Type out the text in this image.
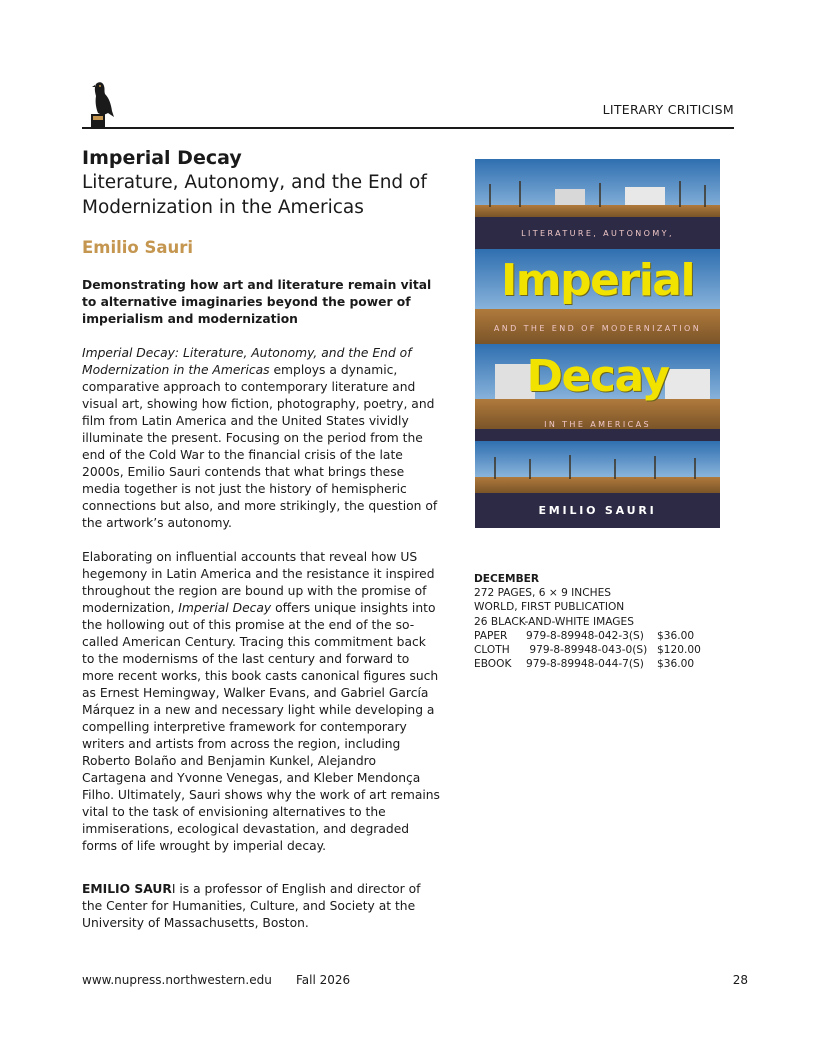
LITERARY CRITICISM
Imperial Decay
Literature, Autonomy, and the End of Modernization in the Americas
Emilio Sauri
Demonstrating how art and literature remain vital to alternative imaginaries beyond the power of imperialism and modernization

Imperial Decay: Literature, Autonomy, and the End of Modernization in the Americas employs a dynamic, comparative approach to contemporary literature and visual art, showing how fiction, photography, poetry, and film from Latin America and the United States vividly illuminate the present. Focusing on the period from the end of the Cold War to the financial crisis of the late 2000s, Emilio Sauri contends that what brings these media together is not just the history of hemispheric connections but also, and more strikingly, the question of the artwork’s autonomy.

Elaborating on influential accounts that reveal how US hegemony in Latin America and the resistance it inspired throughout the region are bound up with the promise of modernization, Imperial Decay offers unique insights into the hollowing out of this promise at the end of the so-called American Century. Tracing this commitment back to the modernisms of the last century and forward to more recent works, this book casts canonical figures such as Ernest Hemingway, Walker Evans, and Gabriel García Márquez in a new and necessary light while developing a compelling interpretive framework for contemporary writers and artists from across the region, including Roberto Bolaño and Benjamin Kunkel, Alejandro Cartagena and Yvonne Venegas, and Kleber Mendonça Filho. Ultimately, Sauri shows why the work of art remains vital to the task of envisioning alternatives to the immiserations, ecological devastation, and degraded forms of life wrought by imperial decay.

EMILIO SAURI is a professor of English and director of the Center for Humanities, Culture, and Society at the University of Massachusetts, Boston.

LITERATURE, AUTONOMY,
Imperial
AND THE END OF MODERNIZATION
Decay
IN THE AMERICAS
EMILIO SAURI
DECEMBER
272 PAGES, 6 × 9 INCHES
WORLD, FIRST PUBLICATION
26 BLACK-AND-WHITE IMAGES
PAPER	979-8-89948-042-3(S)	$36.00
CLOTH	979-8-89948-043-0(S) $120.00
EBOOK	979-8-89948-044-7(S)	$36.00
www.nupress.northwestern.edu Fall 2026	28
